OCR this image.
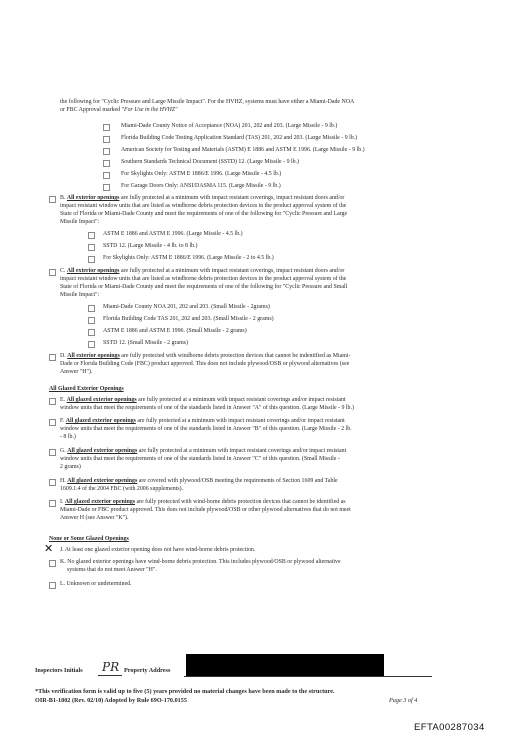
the following for "Cyclic Pressure and Large Missile Impact". For the HVHZ, systems must have either a Miami-Dade NOA
or FBC Approval marked "For Use in the HVHZ"
Miami-Dade County Notice of Acceptance (NOA) 201, 202 and 203. (Large Missile - 9 lb.)
Florida Building Code Testing Application Standard (TAS) 201, 202 and 203. (Large Missile - 9 lb.)
American Society for Testing and Materials (ASTM) E 1886 and ASTM E 1996. (Large Missile - 9 lb.)
Southern Standards Technical Document (SSTD) 12. (Large Missile - 9 lb.)
For Skylights Only: ASTM E 1886/E 1996. (Large Missile - 4.5 lb.)
For Garage Doors Only: ANSI/DASMA 115. (Large Missile - 9 lb.)
B. All exterior openings are fully protected at a minimum with impact resistant coverings, impact resistant doors and/or
impact resistant window units that are listed as windborne debris protection devices in the product approval system of the
State of Florida or Miami-Dade County and meet the requirements of one of the following for "Cyclic Pressure and Large
Missile Impact":
ASTM E 1886 and ASTM E 1996. (Large Missile - 4.5 lb.)
SSTD 12. (Large Missile - 4 lb. to 8 lb.)
For Skylights Only: ASTM E 1886/E 1996. (Large Missile - 2 to 4.5 lb.)
C. All exterior openings are fully protected at a minimum with impact resistant coverings, impact resistant doors and/or
impact resistant window units that are listed as windborne debris protection devices in the product approval system of the
State of Florida or Miami-Dade County and meet the requirements of one of the following for "Cyclic Pressure and Small
Missile Impact":
Miami-Dade County NOA 201, 202 and 203. (Small Missile - 2grams)
Florida Building Code TAS 201, 202 and 203. (Small Missile - 2 grams)
ASTM E 1886 and ASTM E 1996. (Small Missile - 2 grams)
SSTD 12. (Small Missile - 2 grams)
D. All exterior openings are fully protected with windborne debris protection devices that cannot be indentified as Miami-
Dade or Florida Building Code (FBC) product approved. This does not include plywood/OSB or plywood alternatives (see
Answer "H").
All Glazed Exterior Openings
E. All glazed exterior openings are fully protected at a minimum with impact resistant coverings and/or impact resistant
window units that meet the requirements of one of the standards listed in Answer "A" of this question. (Large Missile - 9 lb.)
F. All glazed exterior openings are fully protected at a minimum with impact resistant coverings and/or impact resistant
window units that meet the requirements of one of the standards listed in Answer "B" of this question. (Large Missile - 2 lb.
- 8 lb.)
G. All glazed exterior openings are fully protected at a minimum with impact resistant coverings and/or impact resistant
window units that meet the requirements of one of the standards listed in Answer "C" of this question. (Small Missile -
2 grams)
H. All glazed exterior openings are covered with plywood/OSB meeting the requirements of Section 1609 and Table
1609.1.4 of the 2004 FBC (with 2006 supplements).
I. All glazed exterior openings are fully protected with wind-borne debris protection devices that cannot be identified as
Miami-Dade or FBC product approved. This does not include plywood/OSB or other plywood alternatives that do not meet
Answer H (see Answer "K").
None or Some Glazed Openings
✕ J. At least one glazed exterior opening does not have wind-borne debris protection.
K. No glazed exterior openings have wind-borne debris protection. This includes plywood/OSB or plywood alternative
systems that do not meet Answer "H".
L. Unknown or undetermined.
Inspectors Initials PR Property Address
*This verification form is valid up to five (5) years provided no material changes have been made to the structure.
OIR-B1-1802 (Rev. 02/10) Adopted by Rule 69O-170.0155	Page 3 of 4
EFTA00287034
